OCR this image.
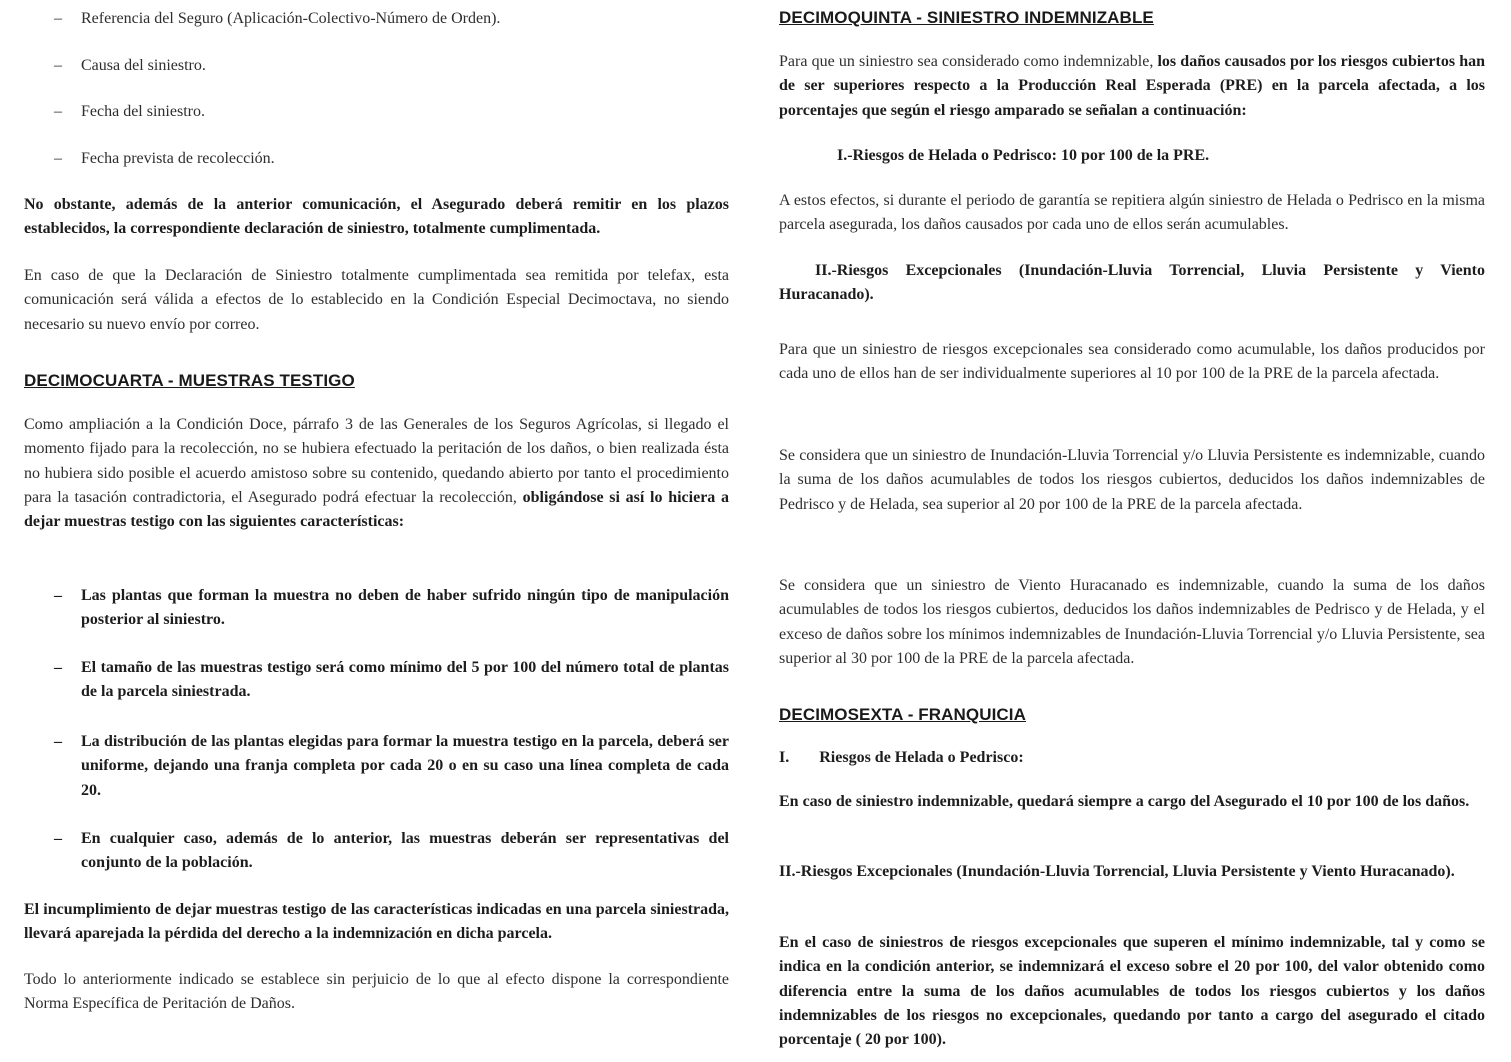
– Referencia del Seguro (Aplicación-Colectivo-Número de Orden).
– Causa del siniestro.
– Fecha del siniestro.
– Fecha prevista de recolección.
No obstante, además de la anterior comunicación, el Asegurado deberá remitir en los plazos establecidos, la correspondiente declaración de siniestro, totalmente cumplimentada.
En caso de que la Declaración de Siniestro totalmente cumplimentada sea remitida por telefax, esta comunicación será válida a efectos de lo establecido en la Condición Especial Decimoctava, no siendo necesario su nuevo envío por correo.
DECIMOCUARTA - MUESTRAS TESTIGO
Como ampliación a la Condición Doce, párrafo 3 de las Generales de los Seguros Agrícolas, si llegado el momento fijado para la recolección, no se hubiera efectuado la peritación de los daños, o bien realizada ésta no hubiera sido posible el acuerdo amistoso sobre su contenido, quedando abierto por tanto el procedimiento para la tasación contradictoria, el Asegurado podrá efectuar la recolección, obligándose si así lo hiciera a dejar muestras testigo con las siguientes características:
– Las plantas que forman la muestra no deben de haber sufrido ningún tipo de manipulación posterior al siniestro.
– El tamaño de las muestras testigo será como mínimo del 5 por 100 del número total de plantas de la parcela siniestrada.
– La distribución de las plantas elegidas para formar la muestra testigo en la parcela, deberá ser uniforme, dejando una franja completa por cada 20 o en su caso una línea completa de cada 20.
– En cualquier caso, además de lo anterior, las muestras deberán ser representativas del conjunto de la población.
El incumplimiento de dejar muestras testigo de las características indicadas en una parcela siniestrada, llevará aparejada la pérdida del derecho a la indemnización en dicha parcela.
Todo lo anteriormente indicado se establece sin perjuicio de lo que al efecto dispone la correspondiente Norma Específica de Peritación de Daños.
DECIMOQUINTA - SINIESTRO INDEMNIZABLE
Para que un siniestro sea considerado como indemnizable, los daños causados por los riesgos cubiertos han de ser superiores respecto a la Producción Real Esperada (PRE) en la parcela afectada, a los porcentajes que según el riesgo amparado se señalan a continuación:
I.-Riesgos de Helada o Pedrisco: 10 por 100 de la PRE.
A estos efectos, si durante el periodo de garantía se repitiera algún siniestro de Helada o Pedrisco en la misma parcela asegurada, los daños causados por cada uno de ellos serán acumulables.
II.-Riesgos Excepcionales (Inundación-Lluvia Torrencial, Lluvia Persistente y Viento Huracanado).
Para que un siniestro de riesgos excepcionales sea considerado como acumulable, los daños producidos por cada uno de ellos han de ser individualmente superiores al 10 por 100 de la PRE de la parcela afectada.
Se considera que un siniestro de Inundación-Lluvia Torrencial y/o Lluvia Persistente es indemnizable, cuando la suma de los daños acumulables de todos los riesgos cubiertos, deducidos los daños indemnizables de Pedrisco y de Helada, sea superior al 20 por 100 de la PRE de la parcela afectada.
Se considera que un siniestro de Viento Huracanado es indemnizable, cuando la suma de los daños acumulables de todos los riesgos cubiertos, deducidos los daños indemnizables de Pedrisco y de Helada, y el exceso de daños sobre los mínimos indemnizables de Inundación-Lluvia Torrencial y/o Lluvia Persistente, sea superior al 30 por 100 de la PRE de la parcela afectada.
DECIMOSEXTA - FRANQUICIA
I. Riesgos de Helada o Pedrisco:
En caso de siniestro indemnizable, quedará siempre a cargo del Asegurado el 10 por 100 de los daños.
II.-Riesgos Excepcionales (Inundación-Lluvia Torrencial, Lluvia Persistente y Viento Huracanado).
En el caso de siniestros de riesgos excepcionales que superen el mínimo indemnizable, tal y como se indica en la condición anterior, se indemnizará el exceso sobre el 20 por 100, del valor obtenido como diferencia entre la suma de los daños acumulables de todos los riesgos cubiertos y los daños indemnizables de los riesgos no excepcionales, quedando por tanto a cargo del asegurado el citado porcentaje ( 20 por 100).
